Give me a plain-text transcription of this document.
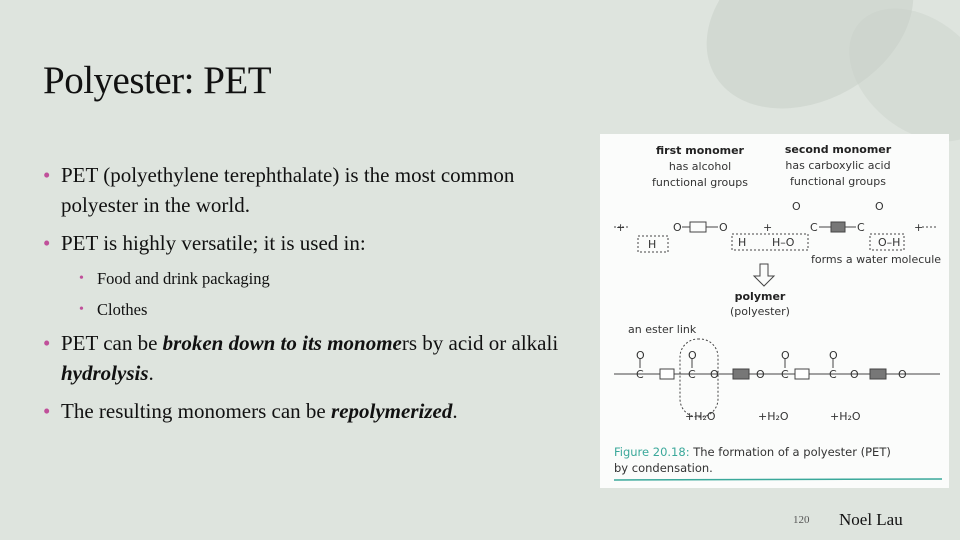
Polyester: PET
• PET (polyethylene terephthalate) is the most common polyester in the world.
• PET is highly versatile; it is used in:
• Food and drink packaging
• Clothes
• PET can be broken down to its monomers by acid or alkali hydrolysis.
• The resulting monomers can be repolymerized.
first monomer
has alcohol
functional groups
second monomer
has carboxylic acid
functional groups
+	O	O	+	C	C	+
O	O
H	H H–O	O–H
O	O	O	O
C	C O	O C	C O	O
+H₂O	+H₂O	+H₂O
forms a water molecule
polymer
(polyester)
an ester link
Figure 20.18: The formation of a polyester (PET)
by condensation.
120 Noel Lau
